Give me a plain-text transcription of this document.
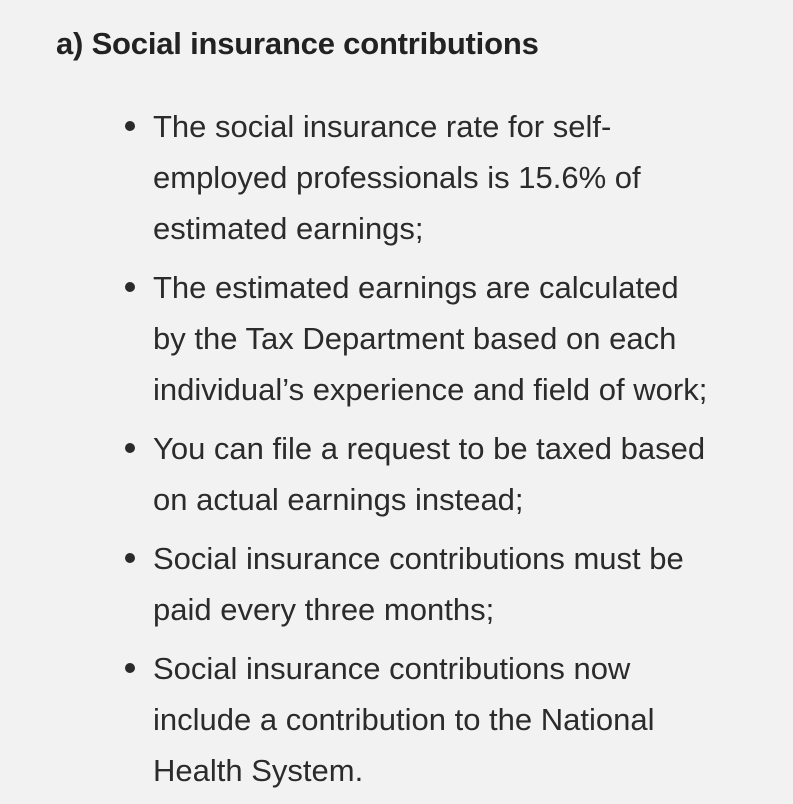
a) Social insurance contributions
The social insurance rate for self-
employed professionals is 15.6% of
estimated earnings;
The estimated earnings are calculated
by the Tax Department based on each
individual’s experience and field of work;
You can file a request to be taxed based
on actual earnings instead;
Social insurance contributions must be
paid every three months;
Social insurance contributions now
include a contribution to the National
Health System.
